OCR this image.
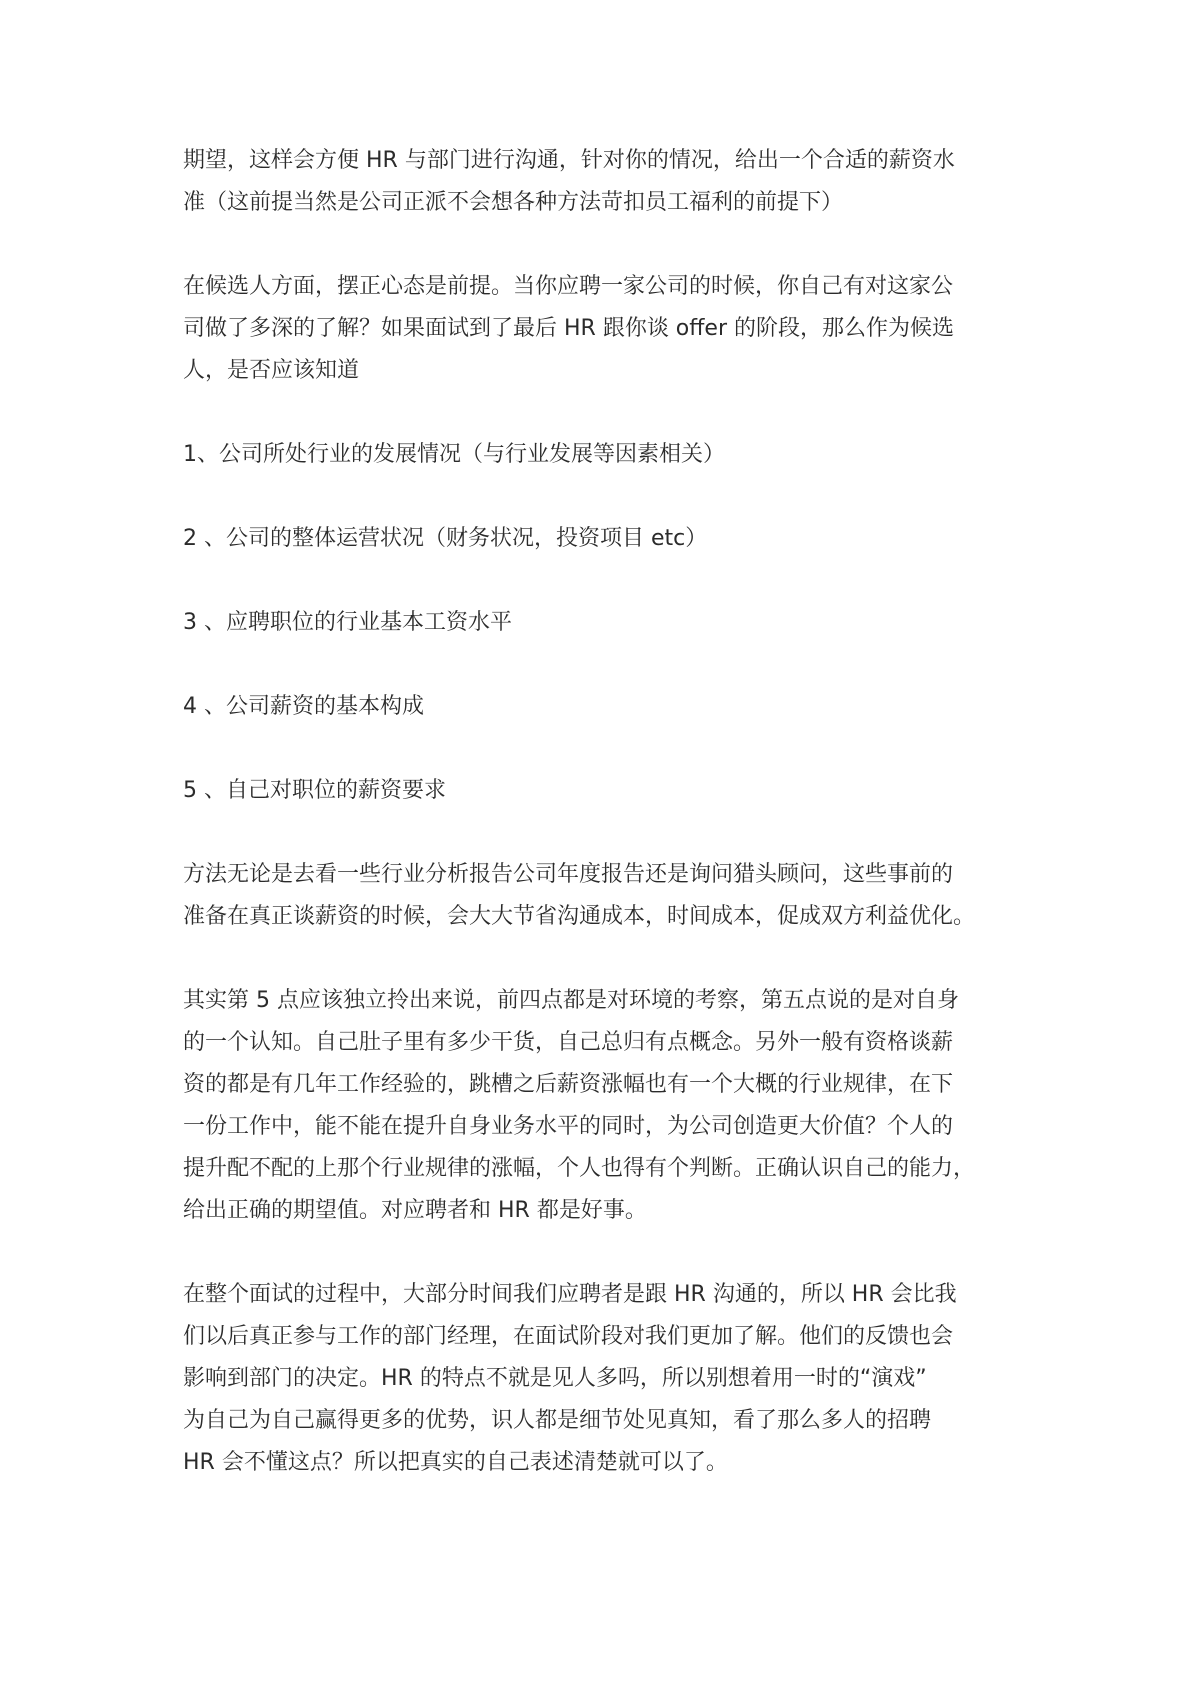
期望，这样会方便 HR 与部门进行沟通，针对你的情况，给出一个合适的薪资水
准（这前提当然是公司正派不会想各种方法苛扣员工福利的前提下）

在候选人方面，摆正心态是前提。当你应聘一家公司的时候，你自己有对这家公
司做了多深的了解？如果面试到了最后 HR 跟你谈 offer 的阶段，那么作为候选
人，是否应该知道

1、公司所处行业的发展情况（与行业发展等因素相关）

2 、公司的整体运营状况（财务状况，投资项目 etc）

3 、应聘职位的行业基本工资水平

4 、公司薪资的基本构成

5 、自己对职位的薪资要求

方法无论是去看一些行业分析报告公司年度报告还是询问猎头顾问，这些事前的
准备在真正谈薪资的时候，会大大节省沟通成本，时间成本，促成双方利益优化。

其实第 5 点应该独立拎出来说，前四点都是对环境的考察，第五点说的是对自身
的一个认知。自己肚子里有多少干货，自己总归有点概念。另外一般有资格谈薪
资的都是有几年工作经验的，跳槽之后薪资涨幅也有一个大概的行业规律，在下
一份工作中，能不能在提升自身业务水平的同时，为公司创造更大价值？个人的
提升配不配的上那个行业规律的涨幅，个人也得有个判断。正确认识自己的能力，
给出正确的期望值。对应聘者和 HR 都是好事。

在整个面试的过程中，大部分时间我们应聘者是跟 HR 沟通的，所以 HR 会比我
们以后真正参与工作的部门经理，在面试阶段对我们更加了解。他们的反馈也会
影响到部门的决定。HR 的特点不就是见人多吗，所以别想着用一时的“演戏”
为自己为自己赢得更多的优势，识人都是细节处见真知，看了那么多人的招聘
HR 会不懂这点？所以把真实的自己表述清楚就可以了。
